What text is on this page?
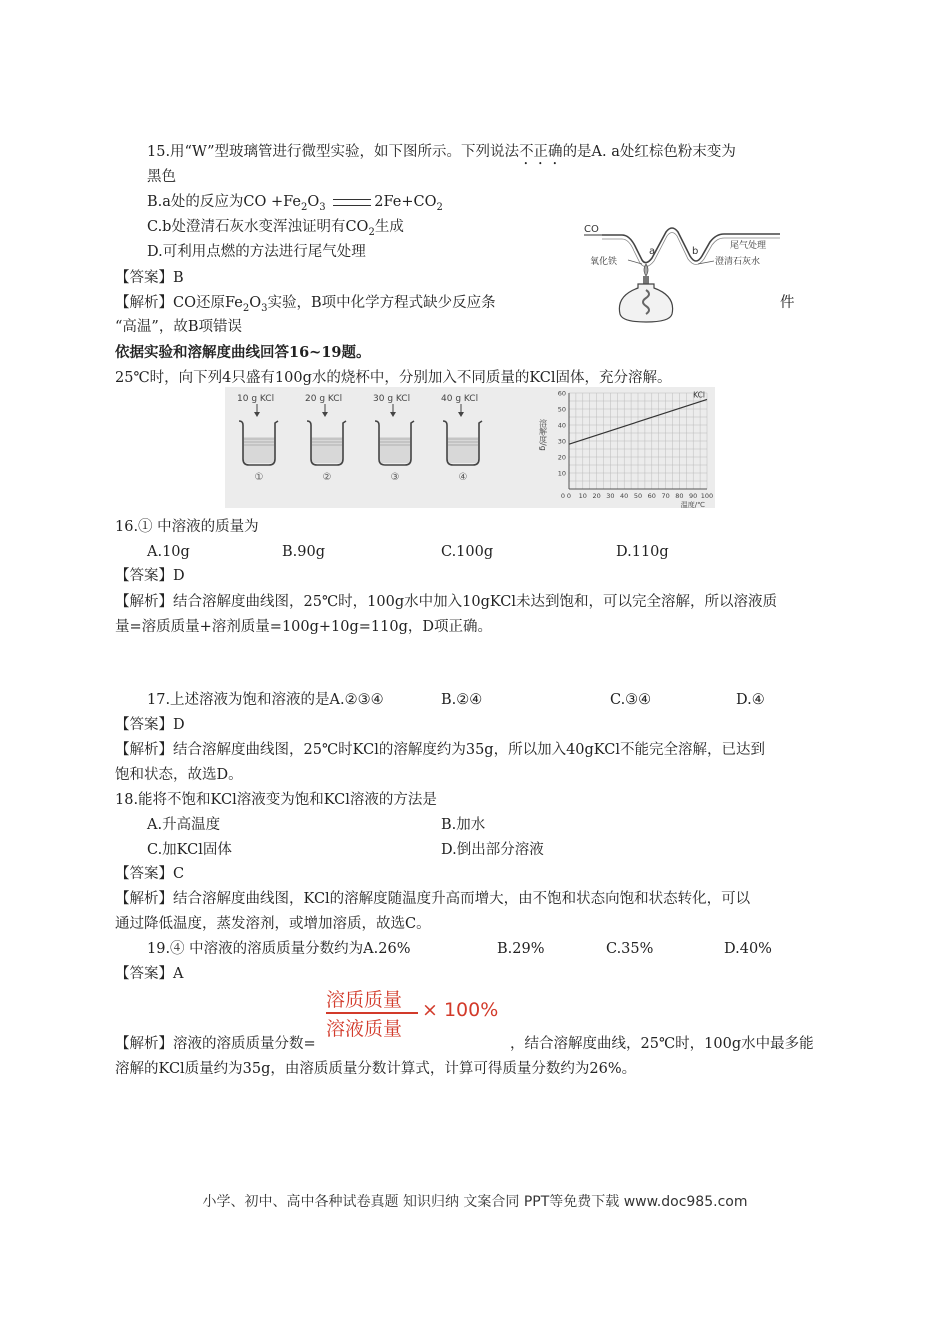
15.用“W”型玻璃管进行微型实验，如下图所示。下列说法不正确的是A. a处红棕色粉末变为
黑色
B.a处的反应为CO $+Fe_2O_3$	$2Fe+CO_2$
C.b处澄清石灰水变浑浊证明有$CO_2$生成
D.可利用点燃的方法进行尾气处理
【答案】B
【解析】CO还原$Fe_2O_3$实验，B项中化学方程式缺少反应条	件
“高温”，故B项错误
CO
a	b	尾气处理
氧化铁	澄清石灰水
依据实验和溶解度曲线回答16~19题。
25℃时，向下列4只盛有100g水的烧杯中，分别加入不同质量的KCl固体，充分溶解。
10 g KCl
①
20 g KCl
②
30 g KCl
③
40 g KCl
④
0 10 20 30 40 50 60 70 80 90 100
0
10
20
30
40
50
60
溶解度/g
温度/℃
KCl
16.① 中溶液的质量为
A.10g	B.90g	C.100g	D.110g
【答案】D
【解析】结合溶解度曲线图，25℃时，100g水中加入10gKCl未达到饱和，可以完全溶解，所以溶液质
量=溶质质量+溶剂质量=100g+10g=110g，D项正确。
17.上述溶液为饱和溶液的是A.②③④	B.②④	C.③④	D.④
【答案】D
【解析】结合溶解度曲线图，25℃时KCl的溶解度约为35g，所以加入40gKCl不能完全溶解，已达到
饱和状态，故选D。
18.能将不饱和KCl溶液变为饱和KCl溶液的方法是
A.升高温度	B.加水
C.加KCl固体	D.倒出部分溶液
【答案】C
【解析】结合溶解度曲线图，KCl的溶解度随温度升高而增大，由不饱和状态向饱和状态转化，可以
通过降低温度，蒸发溶剂，或增加溶质，故选C。
19.④ 中溶液的溶质质量分数约为A.26%	B.29%	C.35%	D.40%
【答案】A
溶质质量
溶液质量
× 100%
【解析】溶液的溶质质量分数=	，结合溶解度曲线，25℃时，100g水中最多能
溶解的KCl质量约为35g，由溶质质量分数计算式，计算可得质量分数约为26%。
小学、初中、高中各种试卷真题 知识归纳 文案合同 PPT等免费下载 www.doc985.com
